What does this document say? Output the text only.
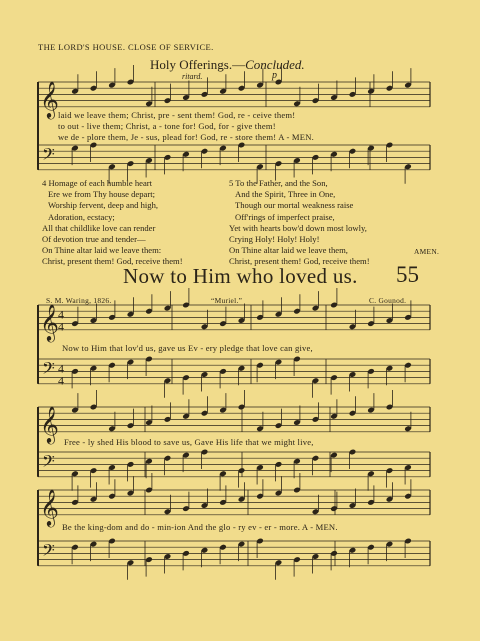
THE LORD'S HOUSE. CLOSE OF SERVICE.
Holy Offerings.—Concluded.
ritard.	p
laid we leave them; Christ, pre - sent them! God, re - ceive them!
to out - live them; Christ, a - tone for! God, for - give them!
we de - plore them, Je - sus, plead for! God, re - store them! A - MEN.
4 Homage of each humble heart
Ere we from Thy house depart;
Worship fervent, deep and high,
Adoration, ecstacy;
All that childlike love can render
Of devotion true and tender—
On Thine altar laid we leave them:
Christ, present them! God, receive them!
5 To the Father, and the Son,
And the Spirit, Three in One,
Though our mortal weakness raise
Off'rings of imperfect praise,
Yet with hearts bow'd down most lowly,
Crying Holy! Holy! Holy!
On Thine altar laid we leave them,
Christ, present them! God, receive them!
AMEN.
Now to Him who loved us. 55
S. M. Waring, 1826.	“Muriel.”	C. Gounod.
Now to Him that lov'd us, gave us Ev - ery pledge that love can give,
Free - ly shed His blood to save us, Gave His life that we might live,
Be the king-dom and do - min-ion And the glo - ry ev - er - more. A - MEN.
𝄞
𝄢
𝄞
𝄢
4
4
4
4
𝄞
𝄢
𝄞
𝄢
